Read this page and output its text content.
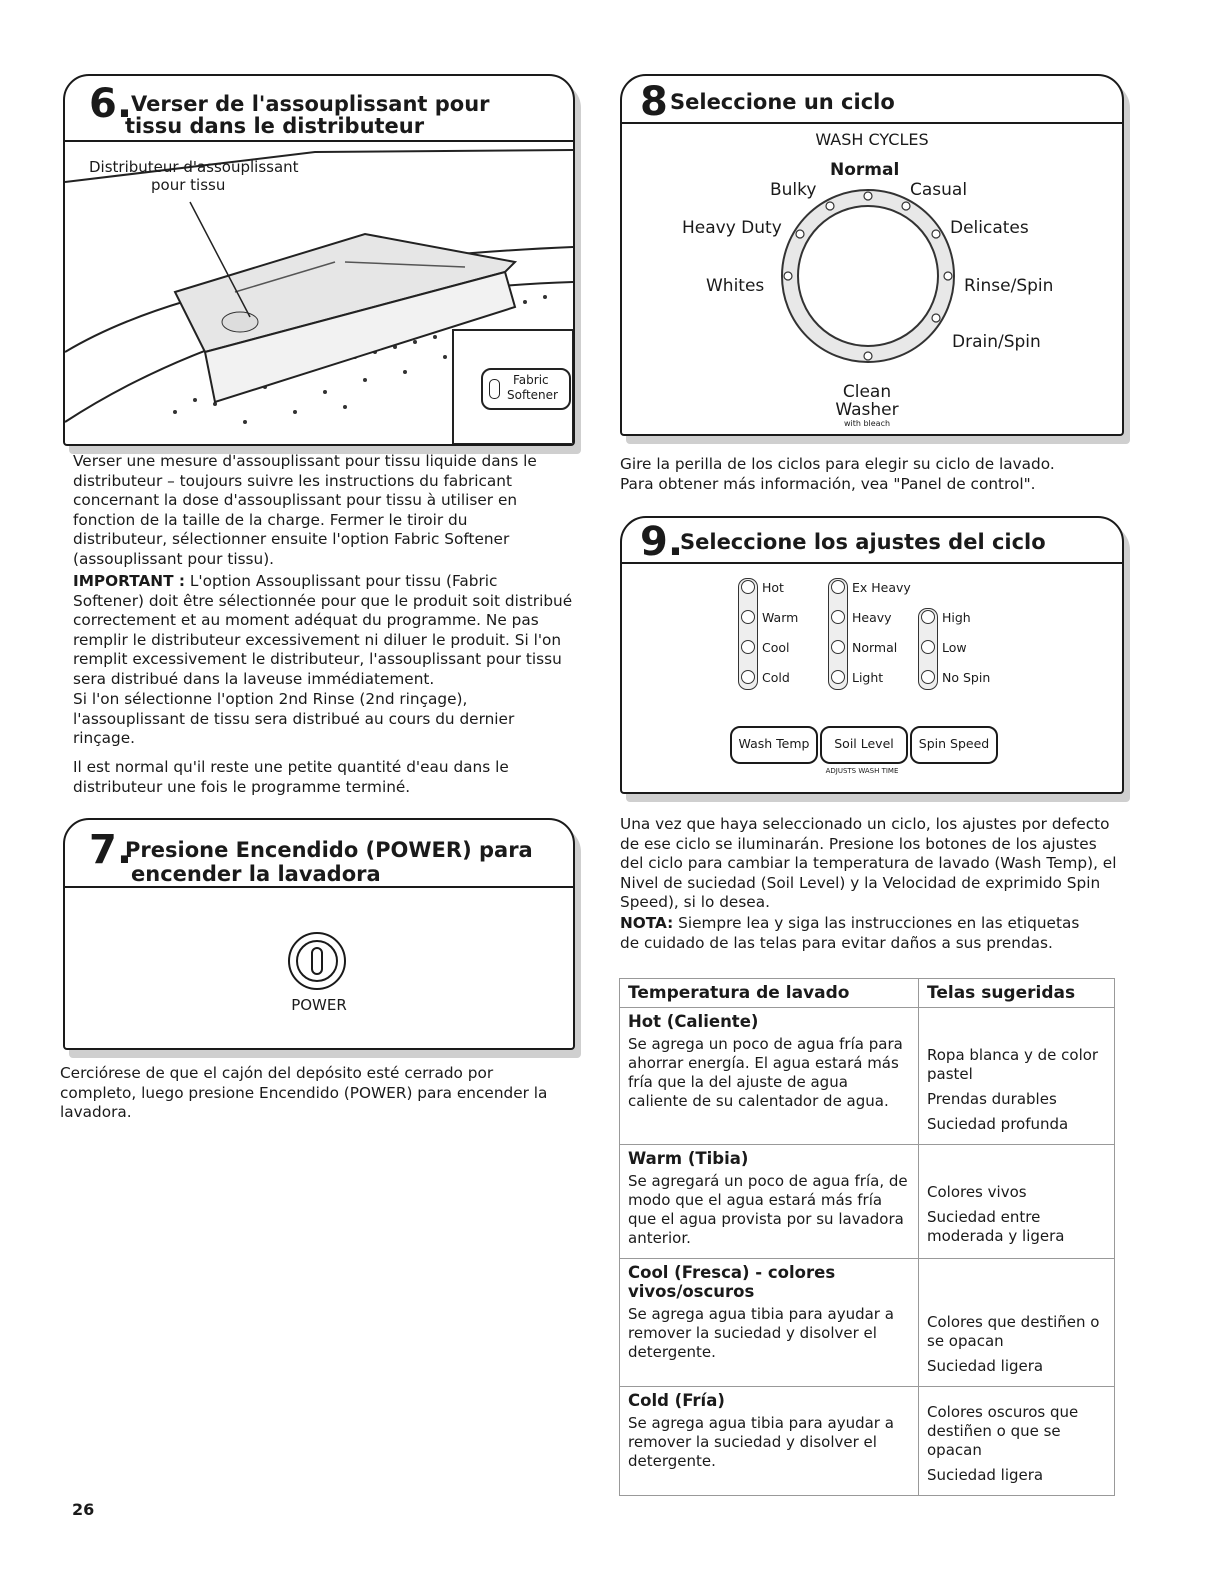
6.
Verser de l'assouplissant pour
tissu dans le distributeur
Distributeur d'assouplissant
pour tissu
Fabric
Softener

Verser une mesure d'assouplissant pour tissu liquide dans le distributeur – toujours suivre les instructions du fabricant concernant la dose d'assouplissant pour tissu à utiliser en fonction de la taille de la charge. Fermer le tiroir du distributeur, sélectionner ensuite l'option Fabric Softener (assouplissant pour tissu).

IMPORTANT : L'option Assouplissant pour tissu (Fabric Softener) doit être sélectionnée pour que le produit soit distribué correctement et au moment adéquat du programme. Ne pas remplir le distributeur excessivement ni diluer le produit. Si l'on remplit excessivement le distributeur, l'assouplissant pour tissu sera distribué dans la laveuse immédiatement.

Si l'on sélectionne l'option 2nd Rinse (2nd rinçage), l'assouplissant de tissu sera distribué au cours du dernier rinçage.

Il est normal qu'il reste une petite quantité d'eau dans le distributeur une fois le programme terminé.

7.
Presione Encendido (POWER) para
encender la lavadora
POWER

Cerciórese de que el cajón del depósito esté cerrado por completo, luego presione Encendido (POWER) para encender la lavadora.

8 Seleccione un ciclo
WASH CYCLES
Normal
Bulky	Casual
Heavy Duty	Delicates
Whites	Rinse/Spin
Drain/Spin
Clean
Washer
with bleach

Gire la perilla de los ciclos para elegir su ciclo de lavado. Para obtener más información, vea "Panel de control".

9.
Seleccione los ajustes del ciclo
Hot
Warm
Cool
Cold
Ex Heavy
Heavy
Normal
Light
High
Low
No Spin
Wash Temp	Soil Level	Spin Speed
ADJUSTS WASH TIME

Una vez que haya seleccionado un ciclo, los ajustes por defecto de ese ciclo se iluminarán. Presione los botones de los ajustes del ciclo para cambiar la temperatura de lavado (Wash Temp), el Nivel de suciedad (Soil Level) y la Velocidad de exprimido Spin Speed), si lo desea.

NOTA: Siempre lea y siga las instrucciones en las etiquetas de cuidado de las telas para evitar daños a sus prendas.

Temperatura de lavado	Telas sugeridas

Hot (Caliente)
Se agrega un poco de agua fría para ahorrar energía. El agua estará más fría que la del ajuste de agua caliente de su calentador de agua.	Ropa blanca y de color pastel
Prendas durables
Suciedad profunda

Warm (Tibia)
Se agregará un poco de agua fría, de modo que el agua estará más fría que el agua provista por su lavadora anterior.	Colores vivos
Suciedad entre moderada y ligera

Cool (Fresca) - colores vivos/oscuros
Se agrega agua tibia para ayudar a remover la suciedad y disolver el detergente.	Colores que destiñen o se opacan
Suciedad ligera

Cold (Fría)
Se agrega agua tibia para ayudar a remover la suciedad y disolver el detergente.	Colores oscuros que destiñen o que se opacan
Suciedad ligera
26
